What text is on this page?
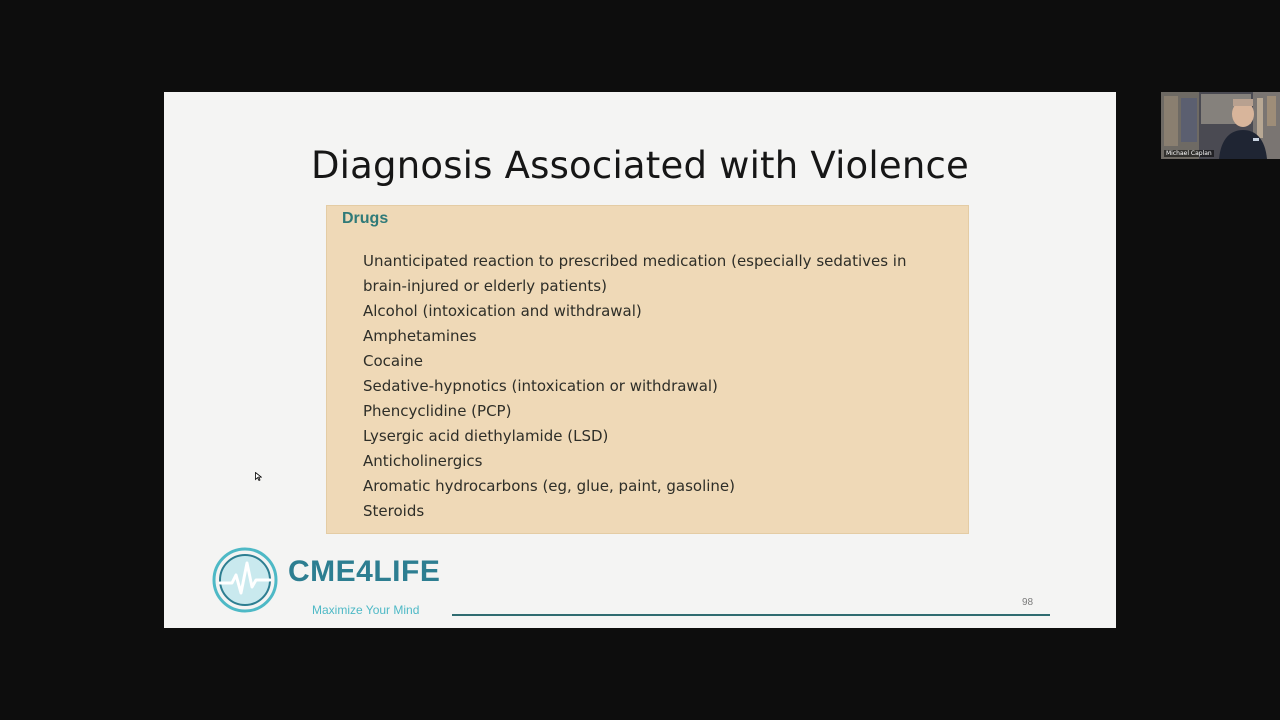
Diagnosis Associated with Violence
Drugs
Unanticipated reaction to prescribed medication (especially sedatives in brain-injured or elderly patients)
Alcohol (intoxication and withdrawal)
Amphetamines
Cocaine
Sedative-hypnotics (intoxication or withdrawal)
Phencyclidine (PCP)
Lysergic acid diethylamide (LSD)
Anticholinergics
Aromatic hydrocarbons (eg, glue, paint, gasoline)
Steroids
CME4LIFE
Maximize Your Mind
98
Michael Caplan
